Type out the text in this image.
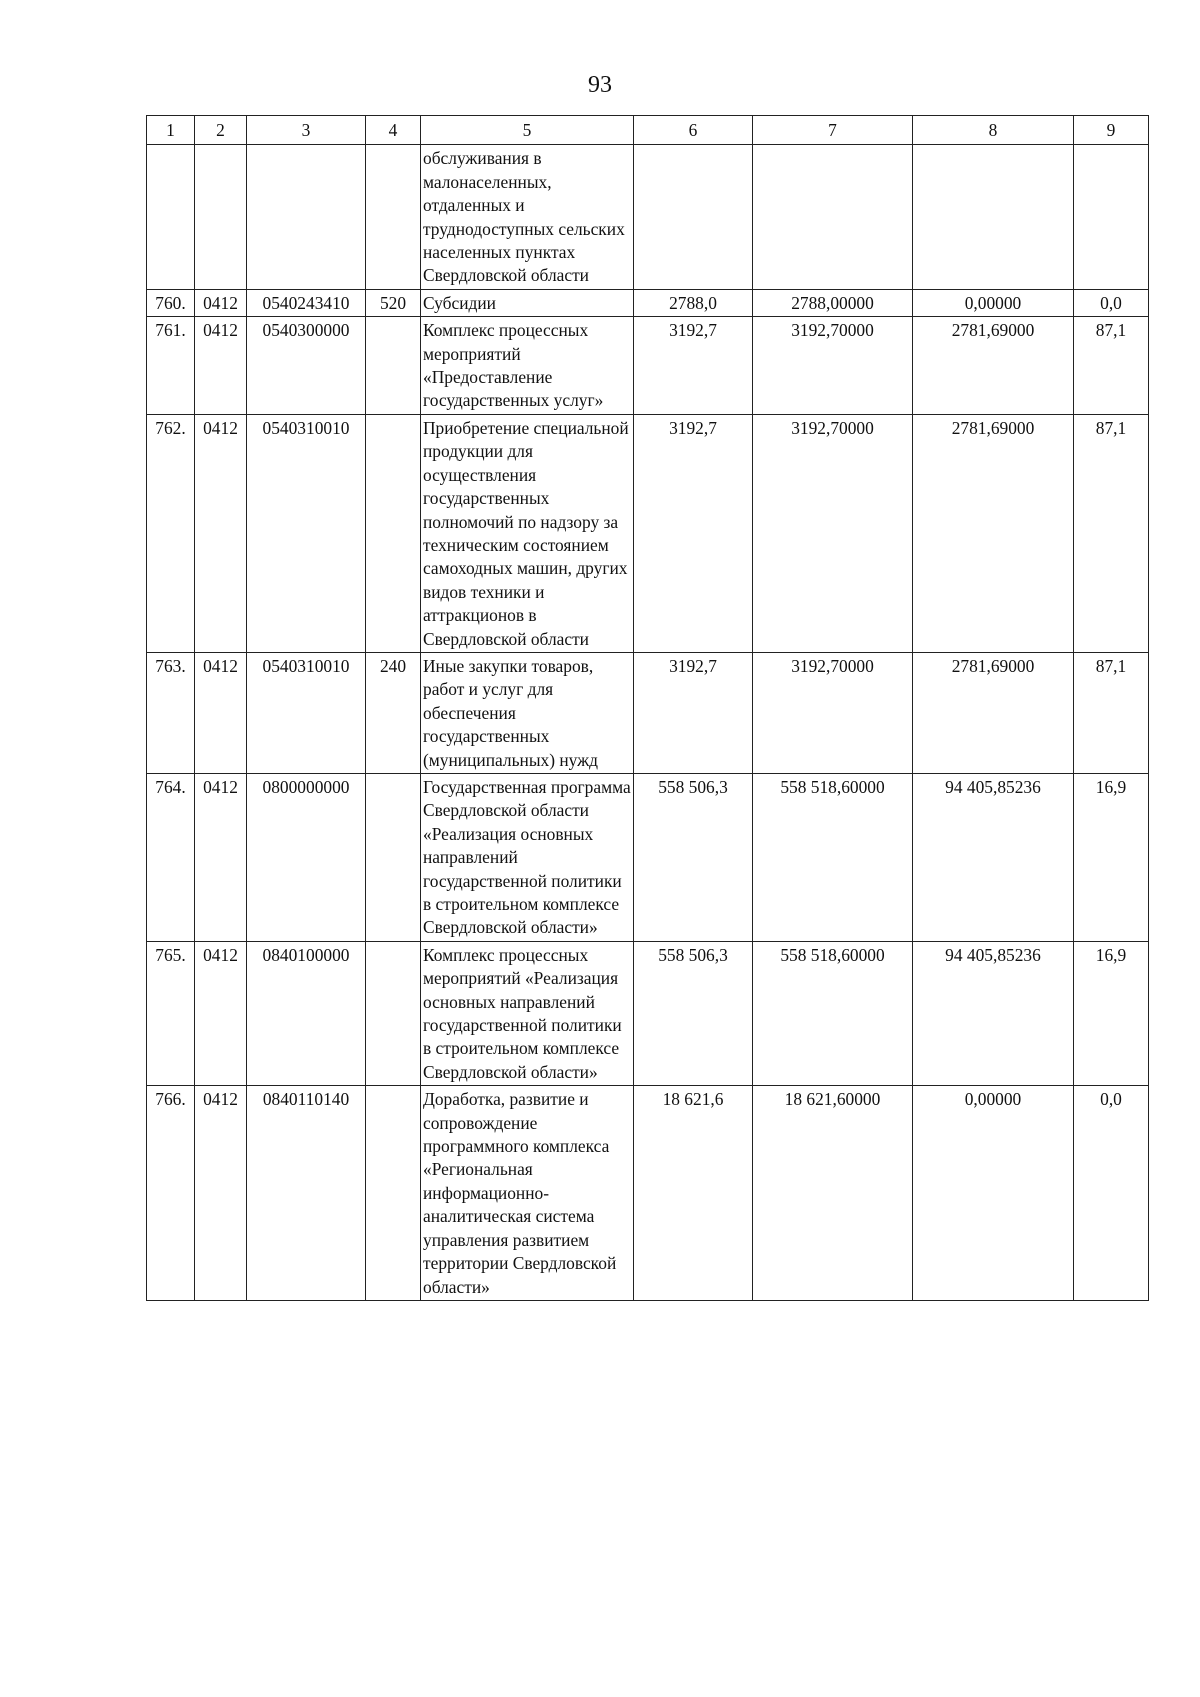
93
1	2	3	4	5	6	7	8	9
				обслуживания в малонаселенных, отдаленных и труднодоступных сельских населенных пунктах Свердловской области				
760.	0412	0540243410	520	Субсидии	2788,0	2788,00000	0,00000	0,0
761.	0412	0540300000		Комплекс процессных мероприятий «Предоставление государственных услуг»	3192,7	3192,70000	2781,69000	87,1
762.	0412	0540310010		Приобретение специальной продукции для осуществления государственных полномочий по надзору за техническим состоянием самоходных машин, других видов техники и аттракционов в Свердловской области	3192,7	3192,70000	2781,69000	87,1
763.	0412	0540310010	240	Иные закупки товаров, работ и услуг для обеспечения государственных (муниципальных) нужд	3192,7	3192,70000	2781,69000	87,1
764.	0412	0800000000		Государственная программа Свердловской области «Реализация основных направлений государственной политики в строительном комплексе Свердловской области»	558 506,3	558 518,60000	94 405,85236	16,9
765.	0412	0840100000		Комплекс процессных мероприятий «Реализация основных направлений государственной политики в строительном комплексе Свердловской области»	558 506,3	558 518,60000	94 405,85236	16,9
766.	0412	0840110140		Доработка, развитие и сопровождение программного комплекса «Региональная информационно-аналитическая система управления развитием территории Свердловской области»	18 621,6	18 621,60000	0,00000	0,0
